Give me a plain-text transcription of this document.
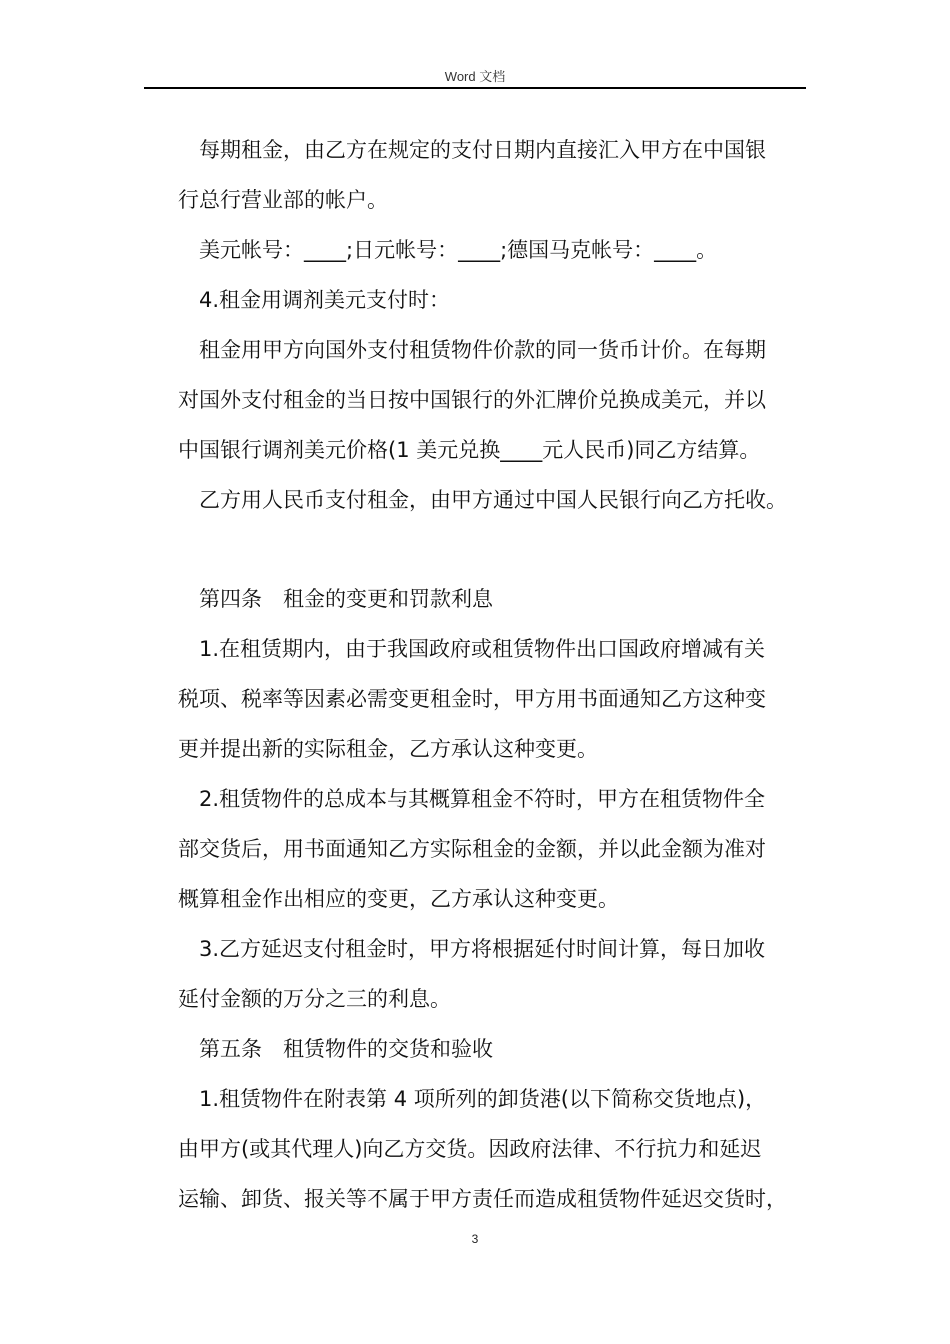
Word 文档
每期租金，由乙方在规定的支付日期内直接汇入甲方在中国银
行总行营业部的帐户。
美元帐号：____;日元帐号：____;德国马克帐号：____。
4.租金用调剂美元支付时：
租金用甲方向国外支付租赁物件价款的同一货币计价。在每期
对国外支付租金的当日按中国银行的外汇牌价兑换成美元，并以
中国银行调剂美元价格(1 美元兑换____元人民币)同乙方结算。
乙方用人民币支付租金，由甲方通过中国人民银行向乙方托收。
第四条　租金的变更和罚款利息
1.在租赁期内，由于我国政府或租赁物件出口国政府增减有关
税项、税率等因素必需变更租金时，甲方用书面通知乙方这种变
更并提出新的实际租金，乙方承认这种变更。
2.租赁物件的总成本与其概算租金不符时，甲方在租赁物件全
部交货后，用书面通知乙方实际租金的金额，并以此金额为准对
概算租金作出相应的变更，乙方承认这种变更。
3.乙方延迟支付租金时，甲方将根据延付时间计算，每日加收
延付金额的万分之三的利息。
第五条　租赁物件的交货和验收
1.租赁物件在附表第 4 项所列的卸货港(以下简称交货地点)，
由甲方(或其代理人)向乙方交货。因政府法律、不行抗力和延迟
运输、卸货、报关等不属于甲方责任而造成租赁物件延迟交货时，
3
